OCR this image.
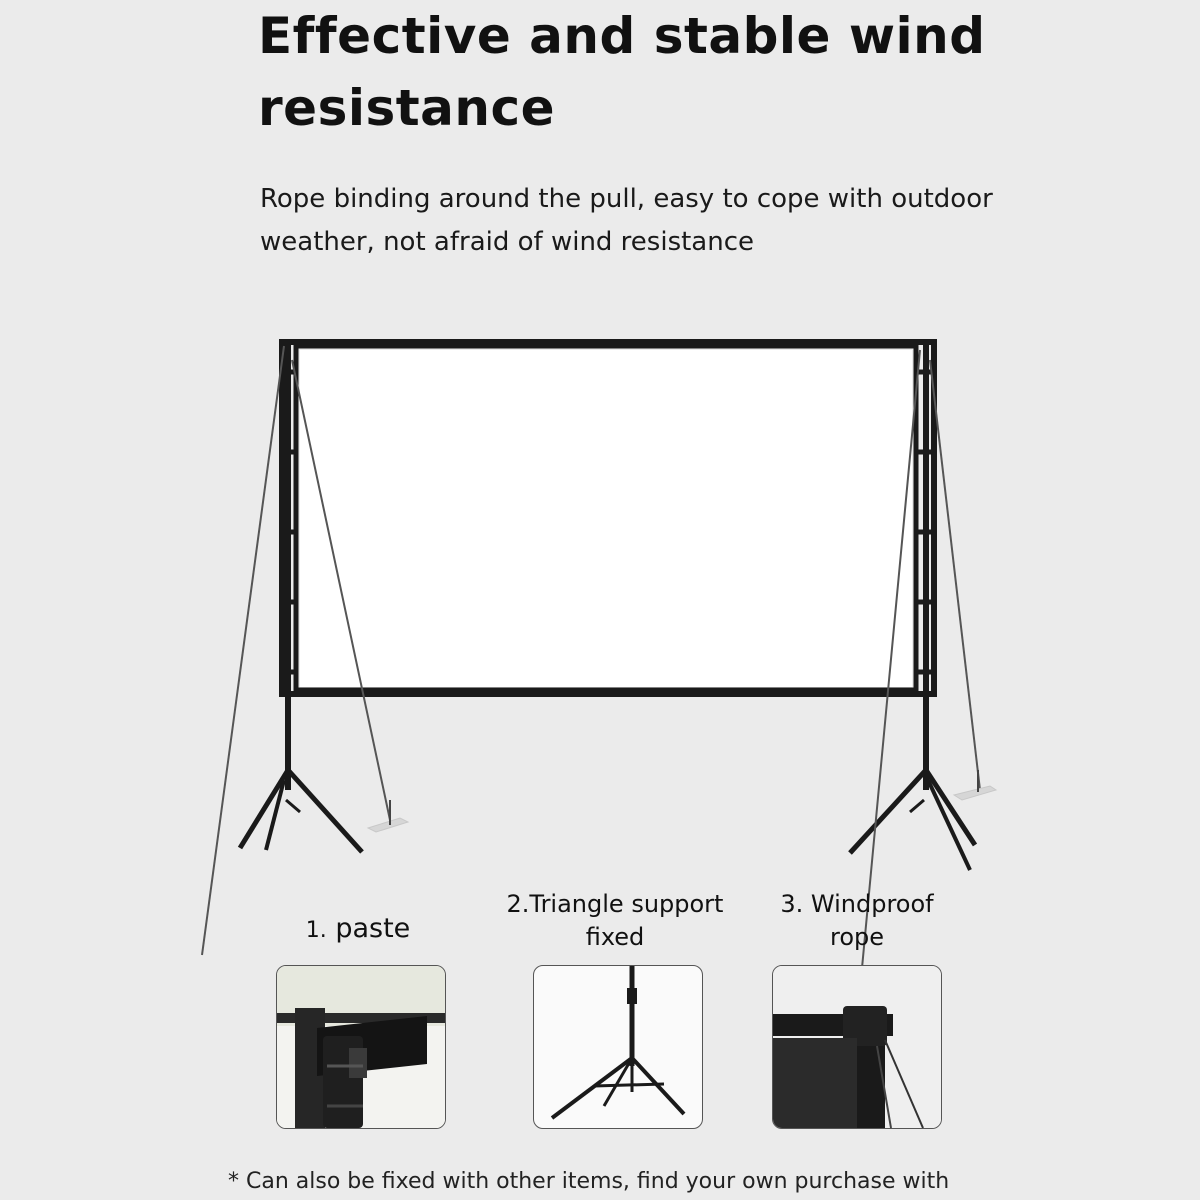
Effective and stable wind resistance

Rope binding around the pull, easy to cope with outdoor weather, not afraid of wind resistance

1. paste
2.Triangle support fixed
3. Windproof rope
* Can also be fixed with other items, find your own purchase with
